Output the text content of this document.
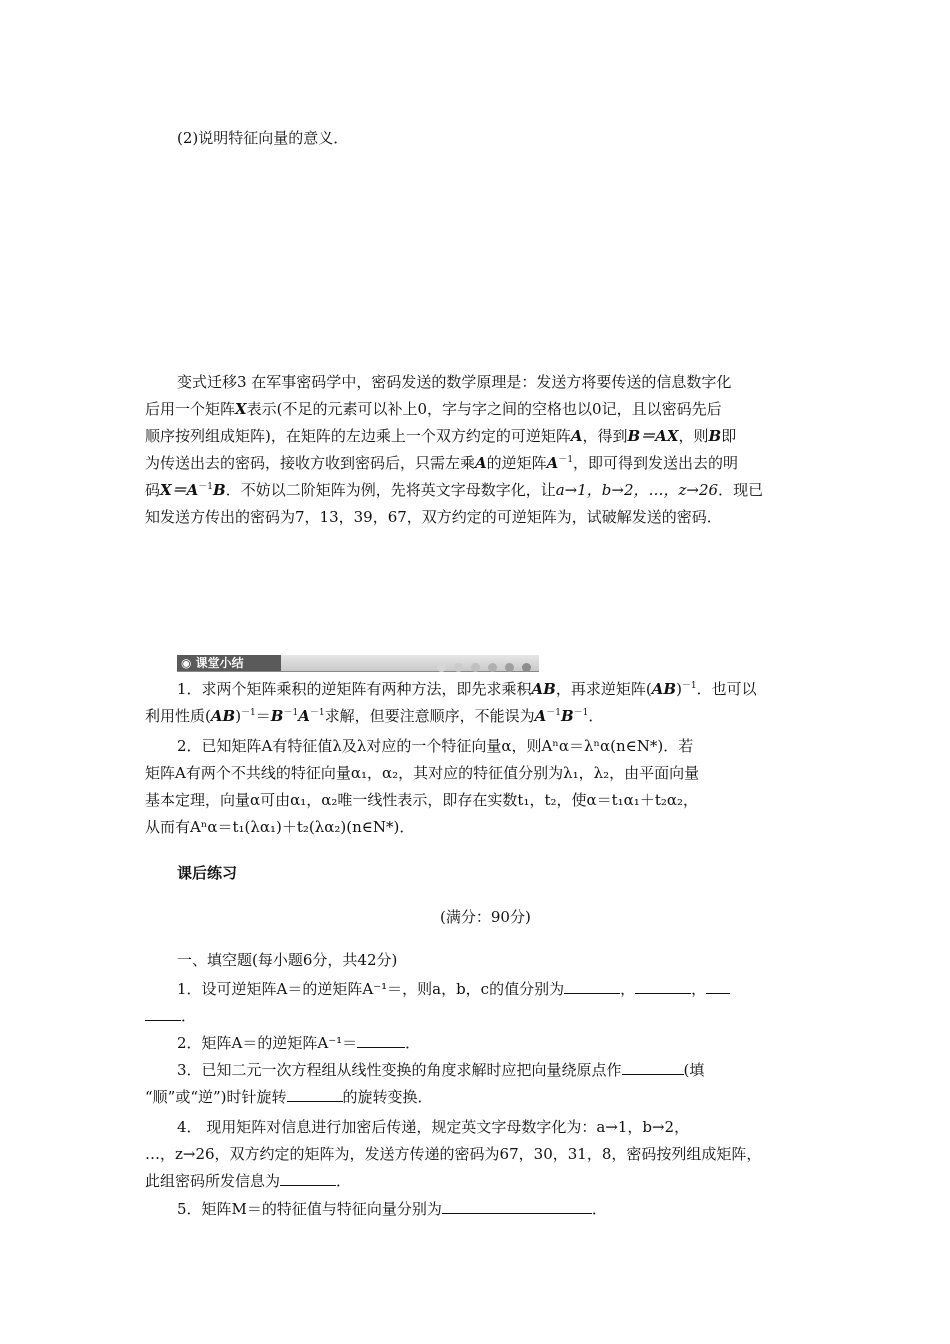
(2)说明特征向量的意义．
变式迁移3 在军事密码学中，密码发送的数学原理是：发送方将要传送的信息数字化
后用一个矩阵X表示(不足的元素可以补上0，字与字之间的空格也以0记，且以密码先后
顺序按列组成矩阵)，在矩阵的左边乘上一个双方约定的可逆矩阵A，得到B＝AX，则B即
为传送出去的密码，接收方收到密码后，只需左乘A的逆矩阵$A^{-1}$，即可得到发送出去的明
码$X=A^{-1}B$．不妨以二阶矩阵为例，先将英文字母数字化，让a→1，b→2，…，z→26．现已
知发送方传出的密码为7，13，39，67，双方约定的可逆矩阵为，试破解发送的密码．
◉ 课堂小结
1．求两个矩阵乘积的逆矩阵有两种方法，即先求乘积AB，再求逆矩阵(AB)$^{-1}$．也可以
利用性质$(AB)^{-1}=B^{-1}A^{-1}$求解，但要注意顺序，不能误为$A^{-1}B^{-1}$．
2．已知矩阵A有特征值λ及λ对应的一个特征向量α，则Aⁿα＝λⁿα(n∈N*)．若
矩阵A有两个不共线的特征向量α₁，α₂，其对应的特征值分别为λ₁，λ₂，由平面向量
基本定理，向量α可由α₁，α₂唯一线性表示，即存在实数t₁，t₂，使α＝t₁α₁＋t₂α₂，
从而有Aⁿα＝t₁(λα₁)＋t₂(λα₂)(n∈N*)．
课后练习
(满分：90分)
一、填空题(每小题6分，共42分)
1．设可逆矩阵A＝的逆矩阵A⁻¹＝，则a，b，c的值分别为	，	，
．
2．矩阵A＝的逆矩阵A⁻¹＝	．
3．已知二元一次方程组从线性变换的角度求解时应把向量绕原点作	(填
“顺”或“逆”)时针旋转	的旋转变换．
4． 现用矩阵对信息进行加密后传递，规定英文字母数字化为：a→1，b→2，
…，z→26，双方约定的矩阵为，发送方传递的密码为67，30，31，8，密码按列组成矩阵，
此组密码所发信息为	．
5．矩阵M＝的特征值与特征向量分别为	．
